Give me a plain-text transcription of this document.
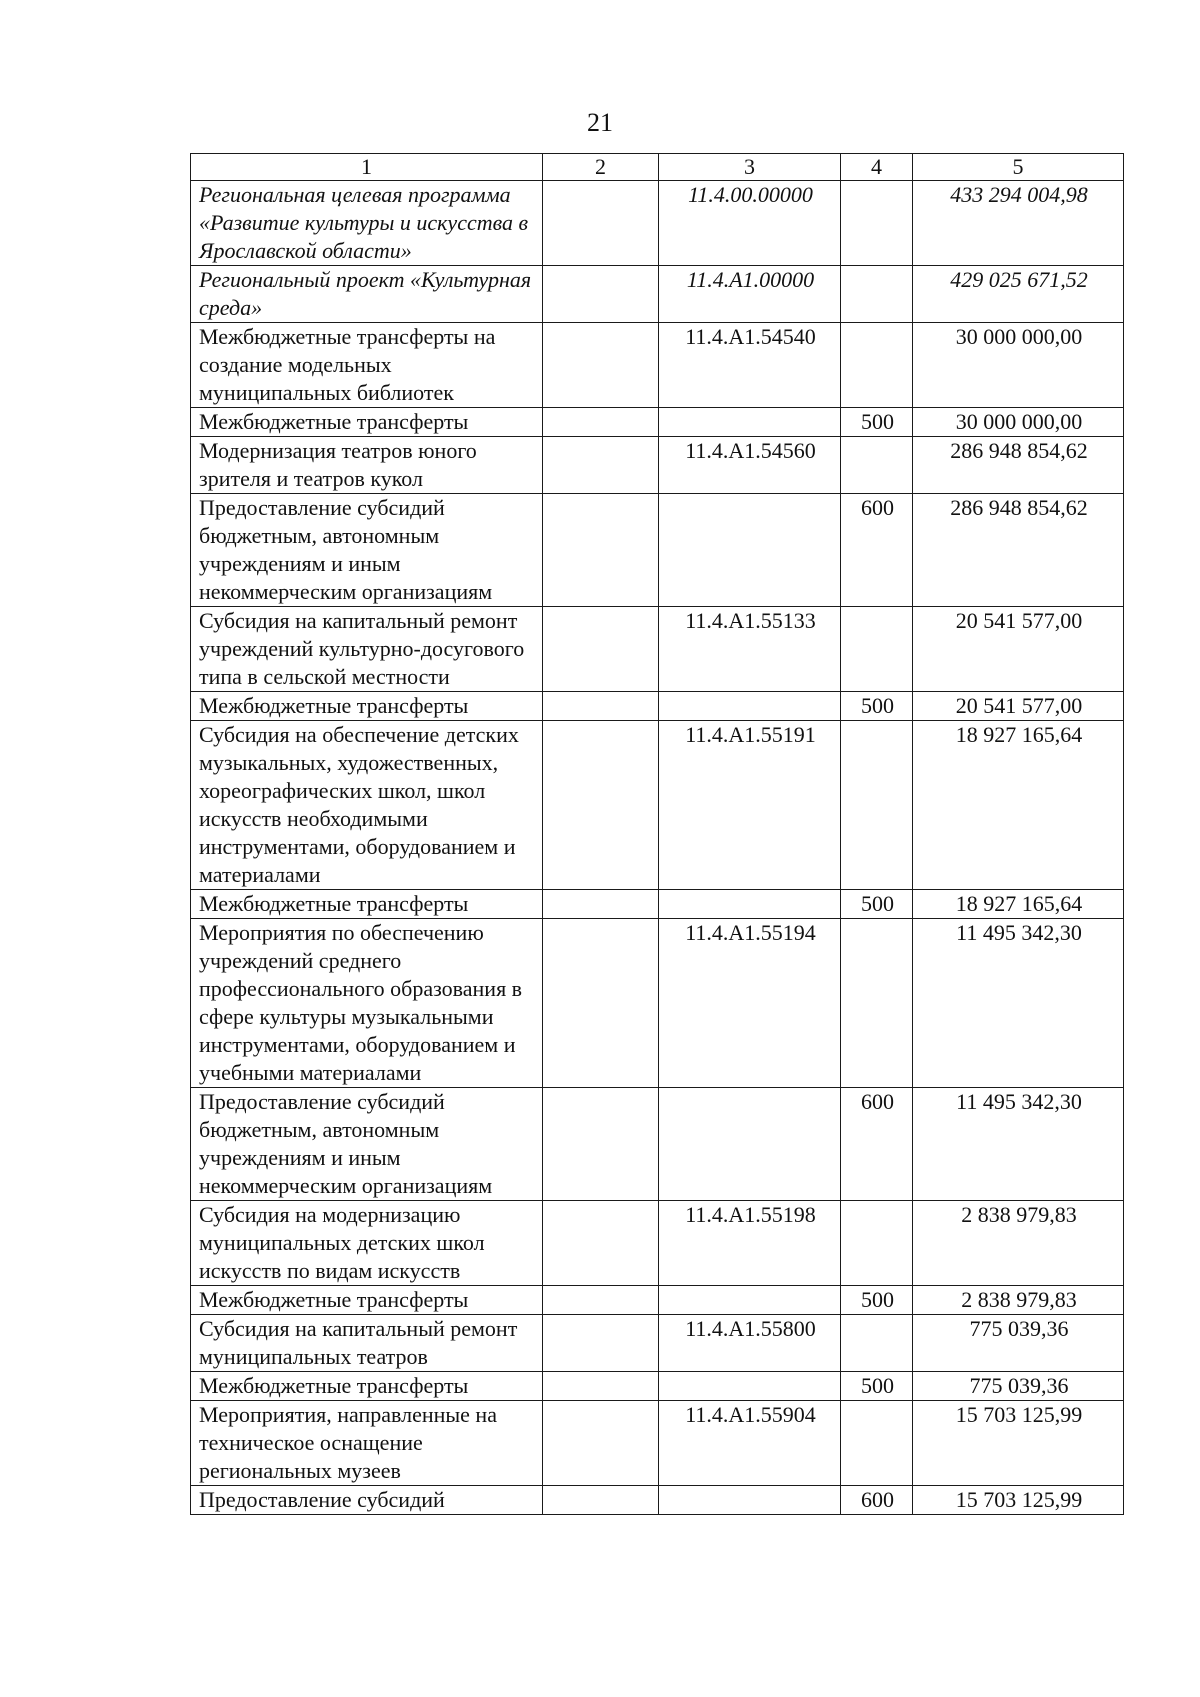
21
1	2	3	4	5
Региональная целевая программа «Развитие культуры и искусства в Ярославской области»		11.4.00.00000		433 294 004,98
Региональный проект «Культурная среда»		11.4.А1.00000		429 025 671,52
Межбюджетные трансферты на создание модельных муниципальных библиотек		11.4.А1.54540		30 000 000,00
Межбюджетные трансферты			500	30 000 000,00
Модернизация театров юного зрителя и театров кукол		11.4.А1.54560		286 948 854,62
Предоставление субсидий бюджетным, автономным учреждениям и иным некоммерческим организациям			600	286 948 854,62
Субсидия на капитальный ремонт учреждений культурно-досугового типа в сельской местности		11.4.А1.55133		20 541 577,00
Межбюджетные трансферты			500	20 541 577,00
Субсидия на обеспечение детских музыкальных, художественных, хореографических школ, школ искусств необходимыми инструментами, оборудованием и материалами		11.4.А1.55191		18 927 165,64
Межбюджетные трансферты			500	18 927 165,64
Мероприятия по обеспечению учреждений среднего профессионального образования в сфере культуры музыкальными инструментами, оборудованием и учебными материалами		11.4.А1.55194		11 495 342,30
Предоставление субсидий бюджетным, автономным учреждениям и иным некоммерческим организациям			600	11 495 342,30
Субсидия на модернизацию муниципальных детских школ искусств по видам искусств		11.4.А1.55198		2 838 979,83
Межбюджетные трансферты			500	2 838 979,83
Субсидия на капитальный ремонт муниципальных театров		11.4.А1.55800		775 039,36
Межбюджетные трансферты			500	775 039,36
Мероприятия, направленные на техническое оснащение региональных музеев		11.4.А1.55904		15 703 125,99
Предоставление субсидий			600	15 703 125,99
